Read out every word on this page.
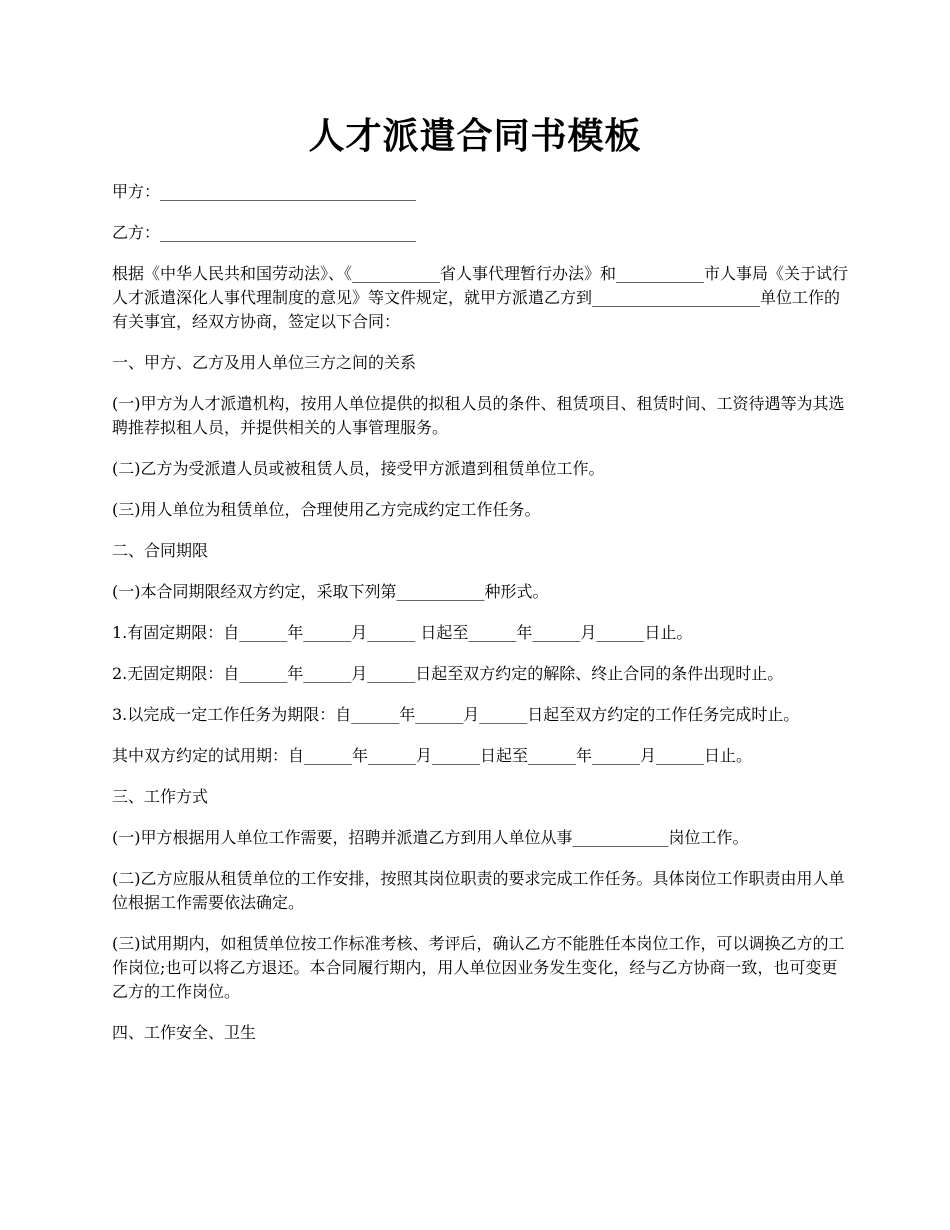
人才派遣合同书模板

甲方：________________________________

乙方：________________________________

根据《中华人民共和国劳动法》、《___________省人事代理暂行办法》和___________市人事局《关于试行人才派遣深化人事代理制度的意见》等文件规定，就甲方派遣乙方到_____________________单位工作的有关事宜，经双方协商，签定以下合同：

一、甲方、乙方及用人单位三方之间的关系

(一)甲方为人才派遣机构，按用人单位提供的拟租人员的条件、租赁项目、租赁时间、工资待遇等为其选聘推荐拟租人员，并提供相关的人事管理服务。

(二)乙方为受派遣人员或被租赁人员，接受甲方派遣到租赁单位工作。

(三)用人单位为租赁单位，合理使用乙方完成约定工作任务。

二、合同期限

(一)本合同期限经双方约定，采取下列第___________种形式。

1.有固定期限：自______年______月______ 日起至______年______月______日止。

2.无固定期限：自______年______月______日起至双方约定的解除、终止合同的条件出现时止。

3.以完成一定工作任务为期限：自______年______月______日起至双方约定的工作任务完成时止。

其中双方约定的试用期：自______年______月______日起至______年______月______日止。

三、工作方式

(一)甲方根据用人单位工作需要，招聘并派遣乙方到用人单位从事____________岗位工作。

(二)乙方应服从租赁单位的工作安排，按照其岗位职责的要求完成工作任务。具体岗位工作职责由用人单位根据工作需要依法确定。

(三)试用期内，如租赁单位按工作标准考核、考评后，确认乙方不能胜任本岗位工作，可以调换乙方的工作岗位;也可以将乙方退还。本合同履行期内，用人单位因业务发生变化，经与乙方协商一致，也可变更乙方的工作岗位。

四、工作安全、卫生
